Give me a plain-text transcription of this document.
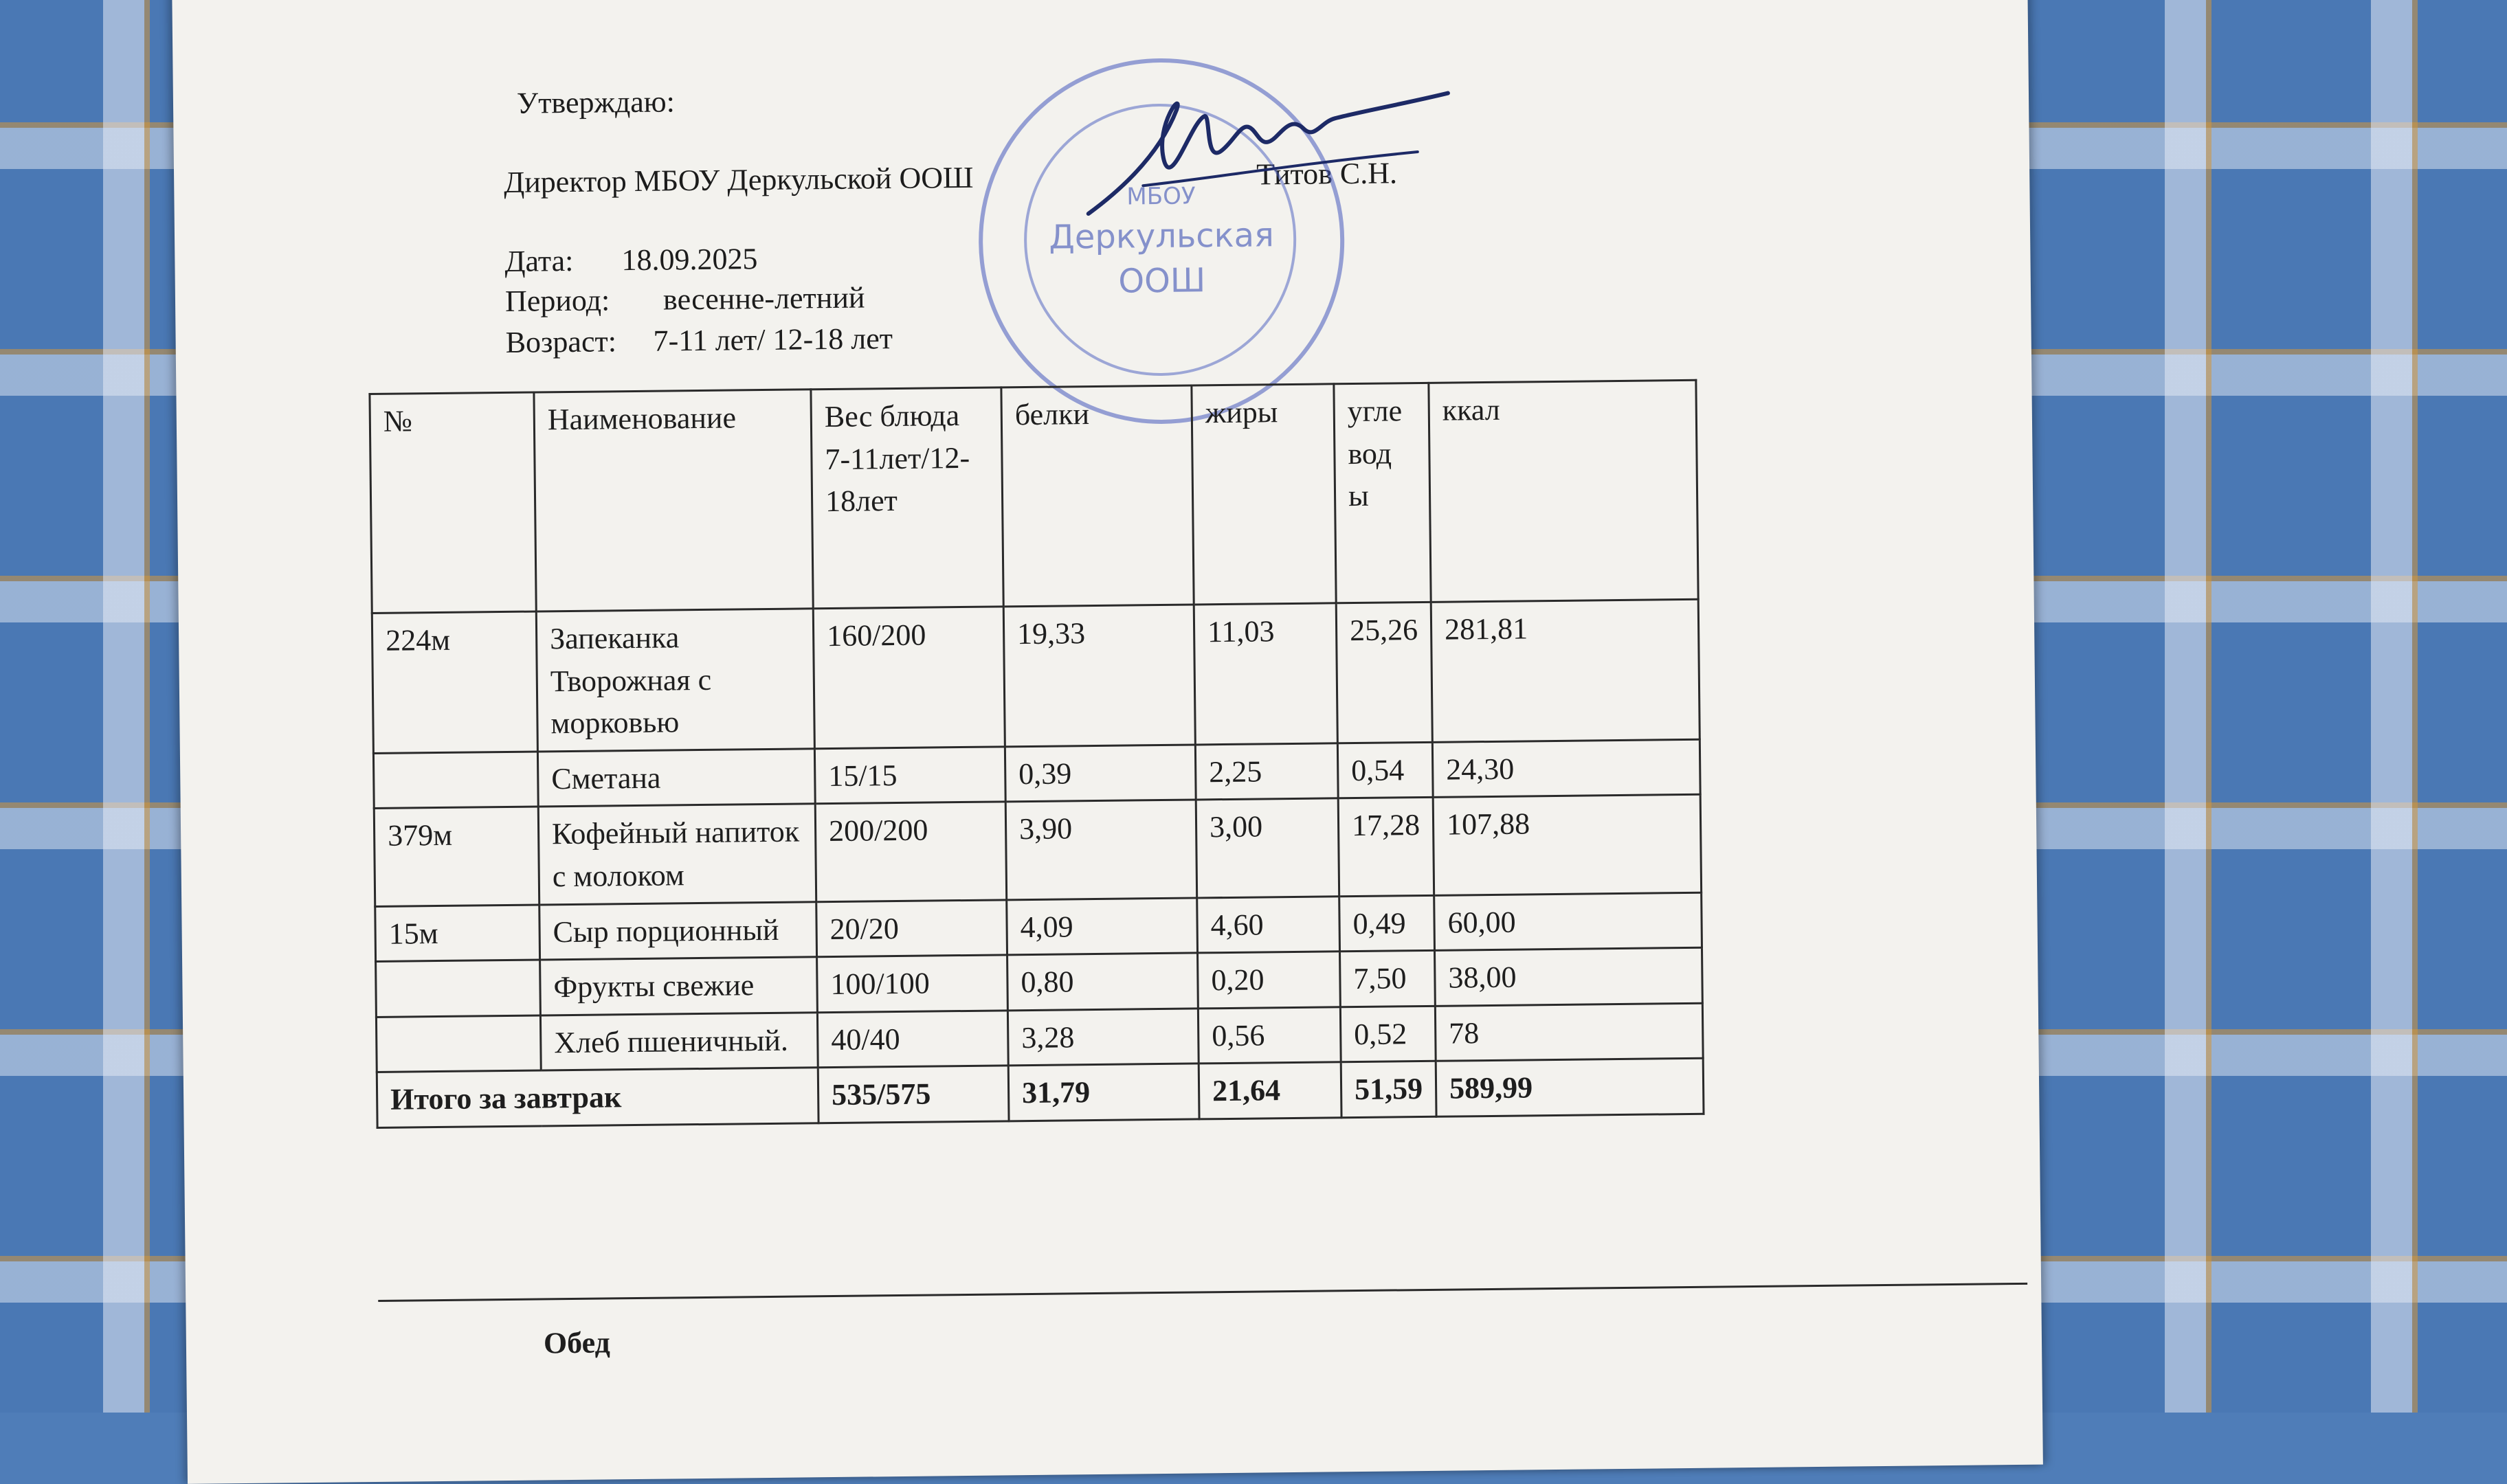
Утверждаю:
Директор МБОУ Деркульской ООШ	Титов С.Н.
Дата: 18.09.2025
Период: весенне-летний
Возраст: 7-11 лет/ 12-18 лет
МБОУ
Деркульская
ООШ
№	Наименование	Вес блюда 7-11лет/12-18лет	белки	жиры	угле вод ы	ккал
224м	Запеканка Творожная с морковью	160/200	19,33	11,03	25,26	281,81
	Сметана	15/15	0,39	2,25	0,54	24,30
379м	Кофейный напиток с молоком	200/200	3,90	3,00	17,28	107,88
15м	Сыр порционный	20/20	4,09	4,60	0,49	60,00
	Фрукты свежие	100/100	0,80	0,20	7,50	38,00
	Хлеб пшеничный.	40/40	3,28	0,56	0,52	78
Итого за завтрак		535/575	31,79	21,64	51,59	589,99
Обед
